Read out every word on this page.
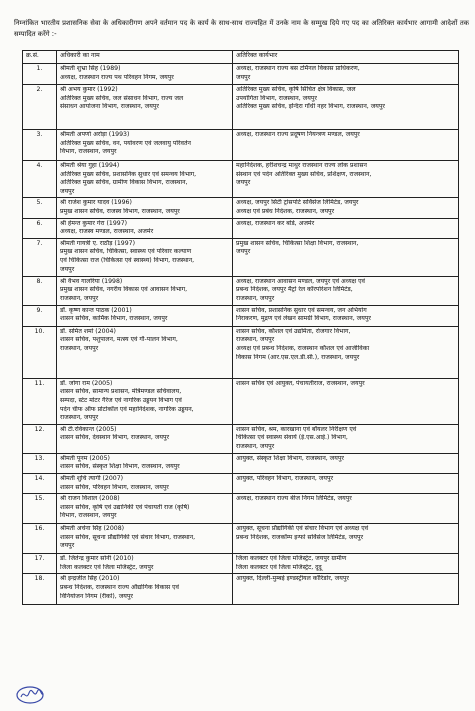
निम्नांकित भारतीय प्रशासनिक सेवा के अधिकारीगण अपने वर्तमान पद के कार्य के साथ-साथ राज्यहित में उनके नाम के सम्मुख दिये गए पद का अतिरिक्त कार्यभार आगामी आदेशों तक सम्पादित करेंगे :-
क्र.सं.	अधिकारी का नाम	अतिरिक्त कार्यभार
1.	श्रीमती शुभ्रा सिंह (1989)
अध्यक्ष, राजस्थान राज्य पथ परिवहन निगम, जयपुर	अध्यक्ष, राजस्थान राज्य बस टर्मिनल विकास प्राधिकरण,
जयपुर

2.	श्री अभय कुमार (1992)
अतिरिक्त मुख्य सचिव, जल संसाधन विभाग, राज्य जल
संसाधन आयोजना विभाग, राजस्थान, जयपुर	अतिरिक्त मुख्य सचिव, कृषि सिंचित क्षेत्र विकास, जल
उपयोगिता विभाग, राजस्थान, जयपुर
अतिरिक्त मुख्य सचिव, इन्दिरा गाँधी नहर विभाग, राजस्थान, जयपुर

3.	श्रीमती अपर्णा अरोड़ा (1993)
अतिरिक्त मुख्य सचिव, वन, पर्यावरण एवं जलवायु परिवर्तन
विभाग, राजस्थान, जयपुर	अध्यक्ष, राजस्थान राज्य प्रदूषण नियन्त्रण मण्डल, जयपुर

4.	श्रीमती श्रेया गुहा (1994)
अतिरिक्त मुख्य सचिव, प्रशासनिक सुधार एवं समन्वय विभाग,
अतिरिक्त मुख्य सचिव, ग्रामीण विकास विभाग, राजस्थान,
जयपुर	महानिदेशक, हरीशचन्द्र माथुर राजस्थान राज्य लोक प्रशासन
संस्थान एवं पदेन अतिरिक्त मुख्य सचिव, प्रशिक्षण, राजस्थान,
जयपुर

5.	श्री राजेश कुमार यादव (1996)
प्रमुख शासन सचिव, राजस्व विभाग, राजस्थान, जयपुर	अध्यक्ष, जयपुर सिटी ट्रांसपोर्ट सर्विसेज लिमिटेड, जयपुर
अध्यक्ष एवं प्रबंध निदेशक, राजस्थान, जयपुर

6.	श्री हेमन्त कुमार गेरा (1997)
अध्यक्ष, राजस्व मण्डल, राजस्थान, अजमेर	अध्यक्ष, राजस्थान कर बोर्ड, अजमेर

7.	श्रीमती गायत्री ए. राठौड़ (1997)
प्रमुख शासन सचिव, चिकित्सा, स्वास्थ्य एवं परिवार कल्याण
एवं चिकित्सा राज (चिकित्सा एवं स्वास्थ्य) विभाग, राजस्थान,
जयपुर	प्रमुख शासन सचिव, चिकित्सा शिक्षा विभाग, राजस्थान,
जयपुर

8.	श्री वैभव गालरिया (1998)
प्रमुख शासन सचिव, नगरीय विकास एवं आवासन विभाग,
राजस्थान, जयपुर	अध्यक्ष, राजस्थान आवासन मण्डल, जयपुर एवं अध्यक्ष एवं
प्रबन्ध निदेशक, जयपुर मैट्रो रेल कॉरपोरेशन लिमिटेड,
राजस्थान, जयपुर

9.	डॉ. कृष्ण कान्त पाठक (2001)
शासन सचिव, कार्मिक विभाग, राजस्थान, जयपुर	शासन सचिव, प्रशासनिक सुधार एवं समन्वय, जन अभियोग
निराकरण, मुद्रण एवं लेखन सामग्री विभाग, राजस्थान, जयपुर

10.	डॉ. समित शर्मा (2004)
शासन सचिव, पशुपालन, मत्स्य एवं गौ-पालन विभाग,
राजस्थान, जयपुर	शासन सचिव, कौशल एवं उद्यमिता, रोजगार विभाग,
राजस्थान, जयपुर
अध्यक्ष एवं प्रबन्ध निदेशक, राजस्थान कौशल एवं आजीविका
विकास निगम (आर.एस.एल.डी.सी.), राजस्थान, जयपुर

11.	डॉ. जोगा राम (2005)
शासन सचिव, सामान्य प्रशासन, मंत्रिमण्डल सचिवालय,
सम्पदा, स्टेट मोटर गैरेज एवं नागरिक उड्डयन विभाग एवं
पदेन चीफ ऑफ प्रोटोकॉल एवं महानिदेशक, नागरिक उड्डयन,
राजस्थान, जयपुर	शासन सचिव एवं आयुक्त, पंचायतीराज, राजस्थान, जयपुर

12.	श्री टी.रविकान्त (2005)
शासन सचिव, देवस्थान विभाग, राजस्थान, जयपुर	शासन सचिव, श्रम, कारखाना एवं बॉयलर निरीक्षण एवं
चिकित्सा एवं स्वास्थ्य सेवायें (ई.एस.आई.) विभाग,
राजस्थान, जयपुर

13.	श्रीमती पूनम (2005)
शासन सचिव, संस्कृत शिक्षा विभाग, राजस्थान, जयपुर	आयुक्त, संस्कृत शिक्षा विभाग, राजस्थान, जयपुर

14.	श्रीमती शुचि त्यागी (2007)
शासन सचिव, परिवहन विभाग, राजस्थान, जयपुर	आयुक्त, परिवहन विभाग, राजस्थान, जयपुर

15.	श्री राजन विशाल (2008)
शासन सचिव, कृषि एवं उद्यानिकी एवं पंचायती राज (कृषि)
विभाग, राजस्थान, जयपुर	अध्यक्ष, राजस्थान राज्य बीज निगम लिमिटेड, जयपुर

16.	श्रीमती अर्चना सिंह (2008)
शासन सचिव, सूचना प्रौद्योगिकी एवं संचार विभाग, राजस्थान,
जयपुर	आयुक्त, सूचना प्रौद्योगिकी एवं संचार विभाग एवं अध्यक्ष एवं
प्रबन्ध निदेशक, राजकॉम्प इन्फो सर्विसेज लिमिटेड, जयपुर

17.	डॉ. जितेन्द्र कुमार सोनी (2010)
जिला कलक्टर एवं जिला मजिस्ट्रेट, जयपुर	जिला कलक्टर एवं जिला मजिस्ट्रेट, जयपुर ग्रामीण
जिला कलक्टर एवं जिला मजिस्ट्रेट, दूदू

18.	श्री इन्द्रजीत सिंह (2010)
प्रबन्ध निदेशक, राजस्थान राज्य औद्योगिक विकास एवं
विनियोजन निगम (रीको), जयपुर	आयुक्त, दिल्ली-मुम्बई इण्डस्ट्रीयल कॉरिडोर, जयपुर
